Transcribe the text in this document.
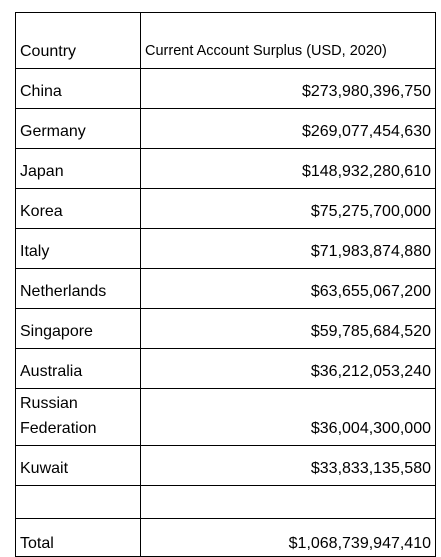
Country	Current Account Surplus (USD, 2020)
China	$273,980,396,750
Germany	$269,077,454,630
Japan	$148,932,280,610
Korea	$75,275,700,000
Italy	$71,983,874,880
Netherlands	$63,655,067,200
Singapore	$59,785,684,520
Australia	$36,212,053,240
Russian Federation	$36,004,300,000
Kuwait	$33,833,135,580

Total	$1,068,739,947,410
